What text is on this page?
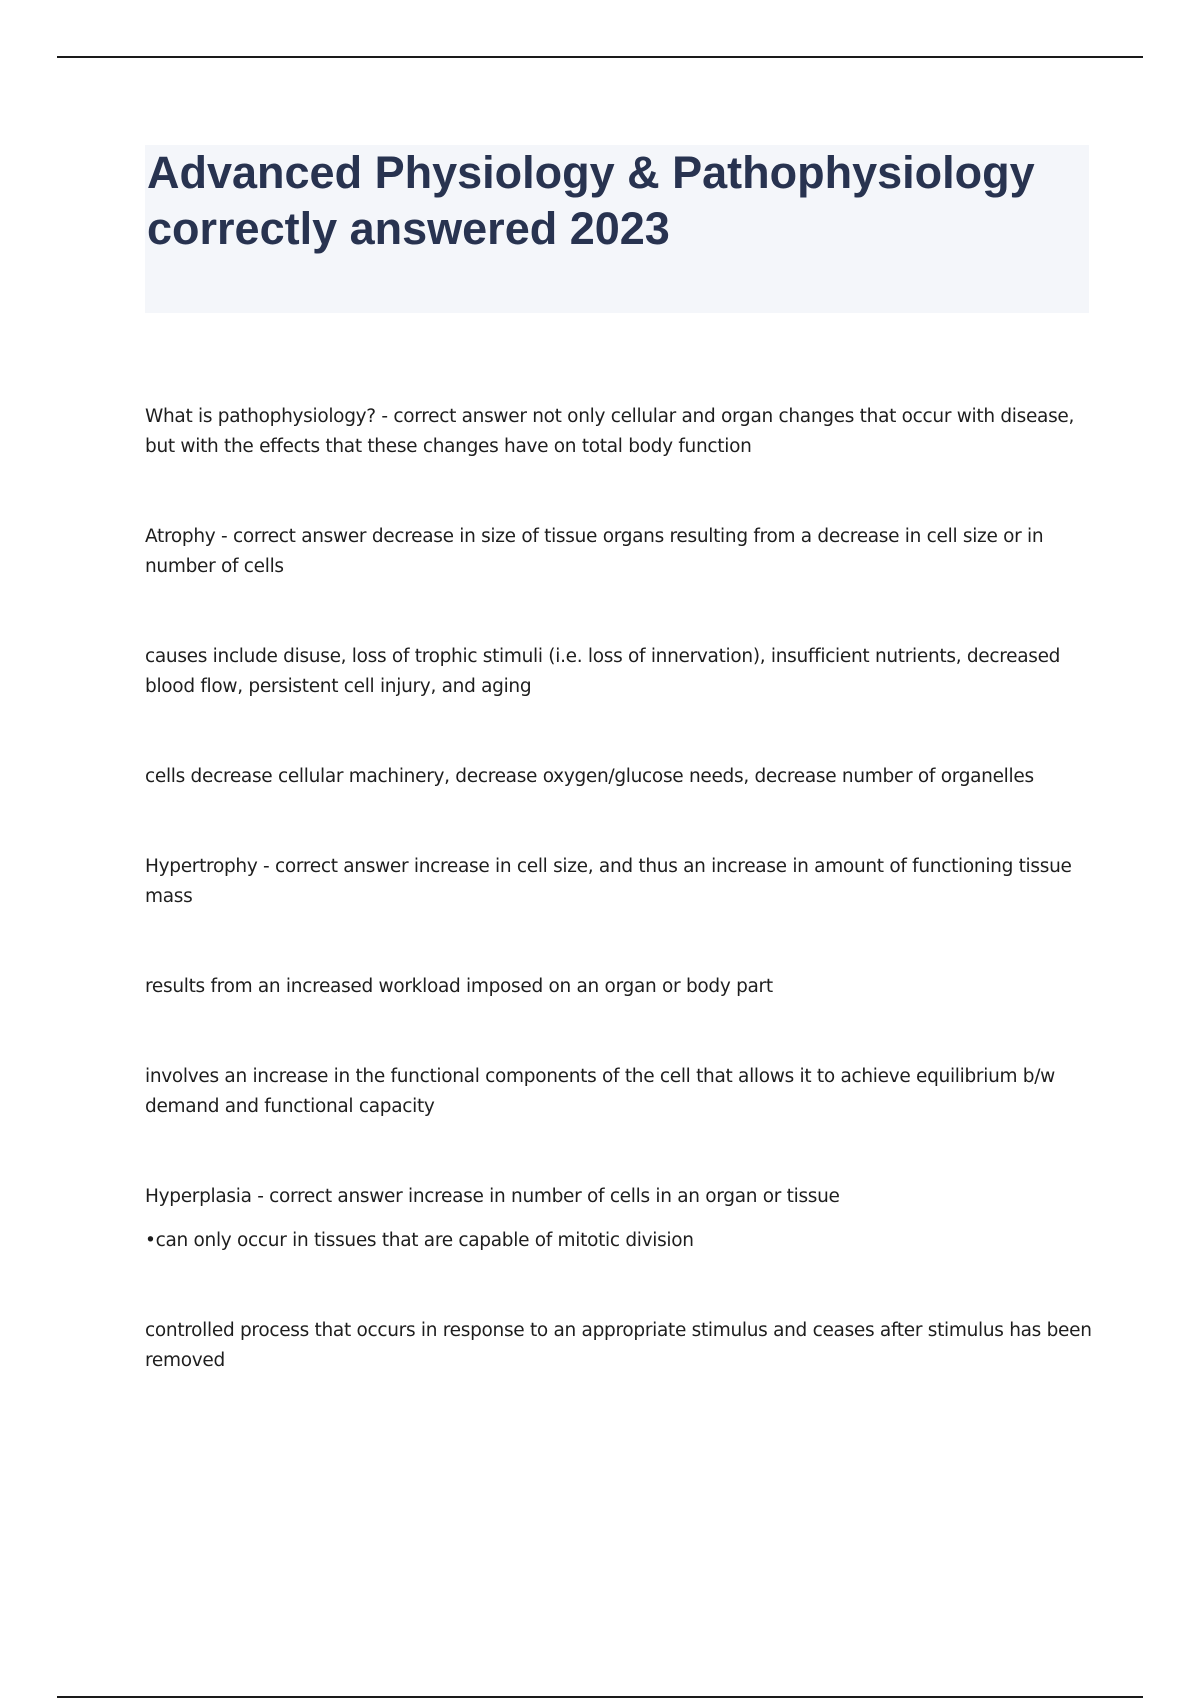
Advanced Physiology & Pathophysiology correctly answered 2023

What is pathophysiology? - correct answer not only cellular and organ changes that occur with disease, but with the effects that these changes have on total body function

Atrophy - correct answer decrease in size of tissue organs resulting from a decrease in cell size or in number of cells

causes include disuse, loss of trophic stimuli (i.e. loss of innervation), insufficient nutrients, decreased blood flow, persistent cell injury, and aging

cells decrease cellular machinery, decrease oxygen/glucose needs, decrease number of organelles

Hypertrophy - correct answer increase in cell size, and thus an increase in amount of functioning tissue mass

results from an increased workload imposed on an organ or body part

involves an increase in the functional components of the cell that allows it to achieve equilibrium b/w demand and functional capacity

Hyperplasia - correct answer increase in number of cells in an organ or tissue

•can only occur in tissues that are capable of mitotic division

controlled process that occurs in response to an appropriate stimulus and ceases after stimulus has been removed
